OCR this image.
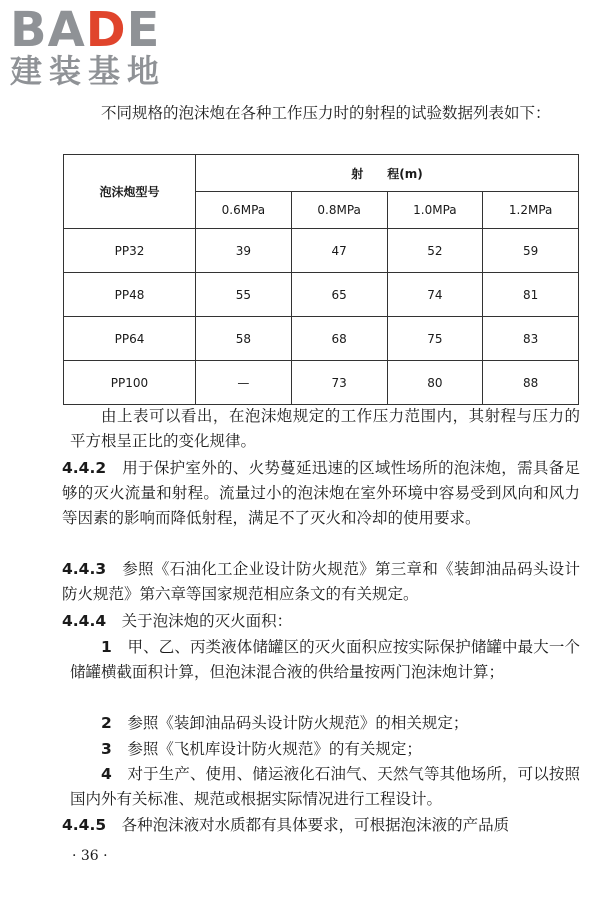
BADE
建装基地

不同规格的泡沫炮在各种工作压力时的射程的试验数据列表如下：

泡沫炮型号	射　　程(m)			
	0.6MPa	0.8MPa	1.0MPa	1.2MPa
PP32	39	47	52	59
PP48	55	65	74	81
PP64	58	68	75	83
PP100	—	73	80	88

由上表可以看出，在泡沫炮规定的工作压力范围内，其射程与压力的平方根呈正比的变化规律。

4.4.2　 用于保护室外的、火势蔓延迅速的区域性场所的泡沫炮，需具备足够的灭火流量和射程。流量过小的泡沫炮在室外环境中容易受到风向和风力等因素的影响而降低射程，满足不了灭火和冷却的使用要求。

4.4.3　 参照《石油化工企业设计防火规范》第三章和《装卸油品码头设计防火规范》第六章等国家规范相应条文的有关规定。

4.4.4　 关于泡沫炮的灭火面积：

1　 甲、乙、丙类液体储罐区的灭火面积应按实际保护储罐中最大一个储罐横截面积计算，但泡沫混合液的供给量按两门泡沫炮计算；

2　 参照《装卸油品码头设计防火规范》的相关规定；

3　 参照《飞机库设计防火规范》的有关规定；

4　 对于生产、使用、储运液化石油气、天然气等其他场所，可以按照国内外有关标准、规范或根据实际情况进行工程设计。

4.4.5　 各种泡沫液对水质都有具体要求，可根据泡沫液的产品质

· 36 ·
